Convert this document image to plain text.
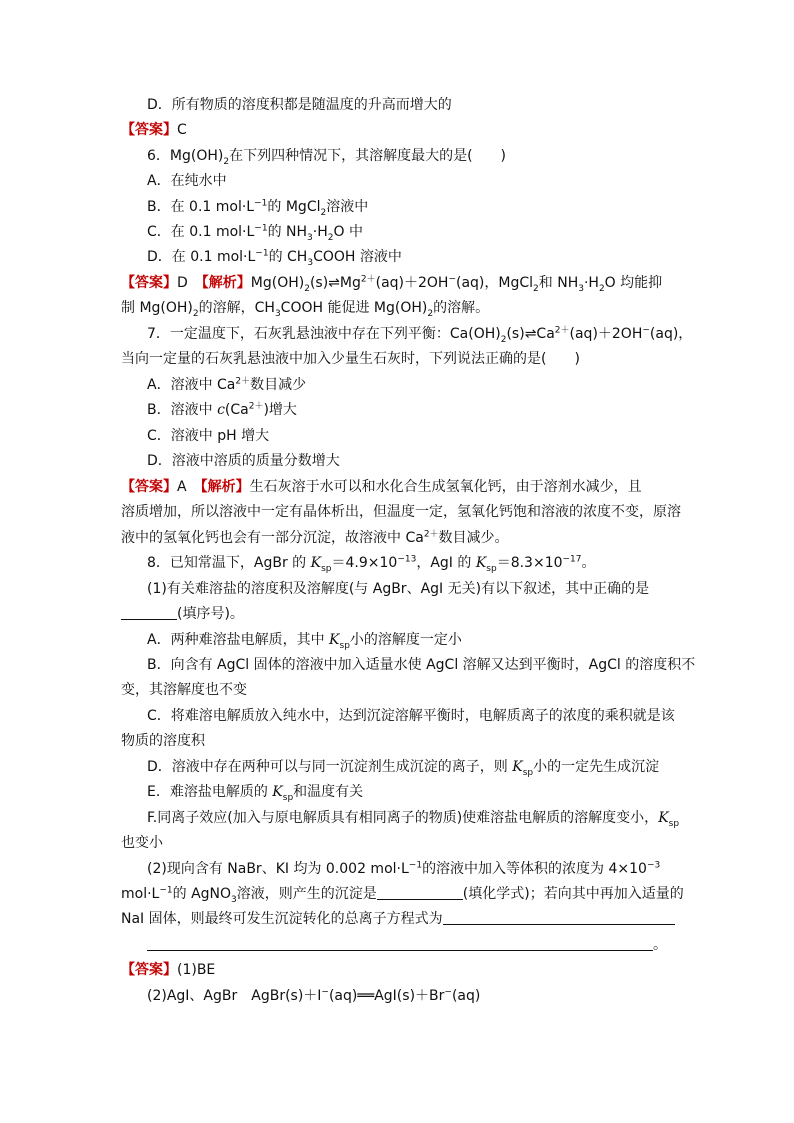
D．所有物质的溶度积都是随温度的升高而增大的
【答案】C
6．$Mg(OH)_2$在下列四种情况下，其溶解度最大的是(　　)
A．在纯水中
B．在 0.1 $mol\cdot L^{-1}$的 MgCl$_2$溶液中
C．在 0.1 $mol\cdot L^{-1}$的 $NH_3\cdot H_2O$ 中
D．在 0.1 $mol\cdot L^{-1}$的 $CH_3COOH$ 溶液中
【答案】D　 【解析】$Mg(OH)_2(s)\rightleftharpoons Mg^{2+}(aq)+2OH^-(aq)$，MgCl$_2$和 $NH_3\cdot H_2O$ 均能抑
制 $Mg(OH)_2$的溶解，$CH_3COOH$ 能促进 $Mg(OH)_2$的溶解。
7．一定温度下，石灰乳悬浊液中存在下列平衡：$Ca(OH)_2(s)\rightleftharpoons Ca^{2+}(aq)+2OH^-(aq)$，
当向一定量的石灰乳悬浊液中加入少量生石灰时，下列说法正确的是(　　)
A．溶液中 $Ca^{2+}$数目减少
B．溶液中 $c(Ca^{2+})$增大
C．溶液中 pH 增大
D．溶液中溶质的质量分数增大
【答案】A　 【解析】生石灰溶于水可以和水化合生成氢氧化钙，由于溶剂水减少，且
溶质增加，所以溶液中一定有晶体析出，但温度一定，氢氧化钙饱和溶液的浓度不变，原溶
液中的氢氧化钙也会有一部分沉淀，故溶液中 $Ca^{2+}$数目减少。
8．已知常温下，AgBr 的 $K_{sp}=4.9\times 10^{-13}$，AgI 的 $K_{sp}=8.3\times 10^{-17}$。
(1)有关难溶盐的溶度积及溶解度(与 AgBr、AgI 无关)有以下叙述，其中正确的是
(填序号)。
A．两种难溶盐电解质，其中 $K_{sp}$小的溶解度一定小
B．向含有 AgCl 固体的溶液中加入适量水使 AgCl 溶解又达到平衡时，AgCl 的溶度积不
变，其溶解度也不变
C．将难溶电解质放入纯水中，达到沉淀溶解平衡时，电解质离子的浓度的乘积就是该
物质的溶度积
D．溶液中存在两种可以与同一沉淀剂生成沉淀的离子，则 $K_{sp}$小的一定先生成沉淀
E．难溶盐电解质的 $K_{sp}$和温度有关
F.同离子效应(加入与原电解质具有相同离子的物质)使难溶盐电解质的溶解度变小，$K_{sp}$
也变小
(2)现向含有 NaBr、KI 均为 0.002 $mol\cdot L^{-1}$的溶液中加入等体积的浓度为 $4\times 10^{-3}$
$mol\cdot L^{-1}$的 AgNO$_3$溶液，则产生的沉淀是	(填化学式)；若向其中再加入适量的
NaI 固体，则最终可发生沉淀转化的总离子方程式为
。
【答案】(1)BE
(2)AgI、AgBr　AgBr(s)＋I−(aq)══AgI(s)＋Br−(aq)
